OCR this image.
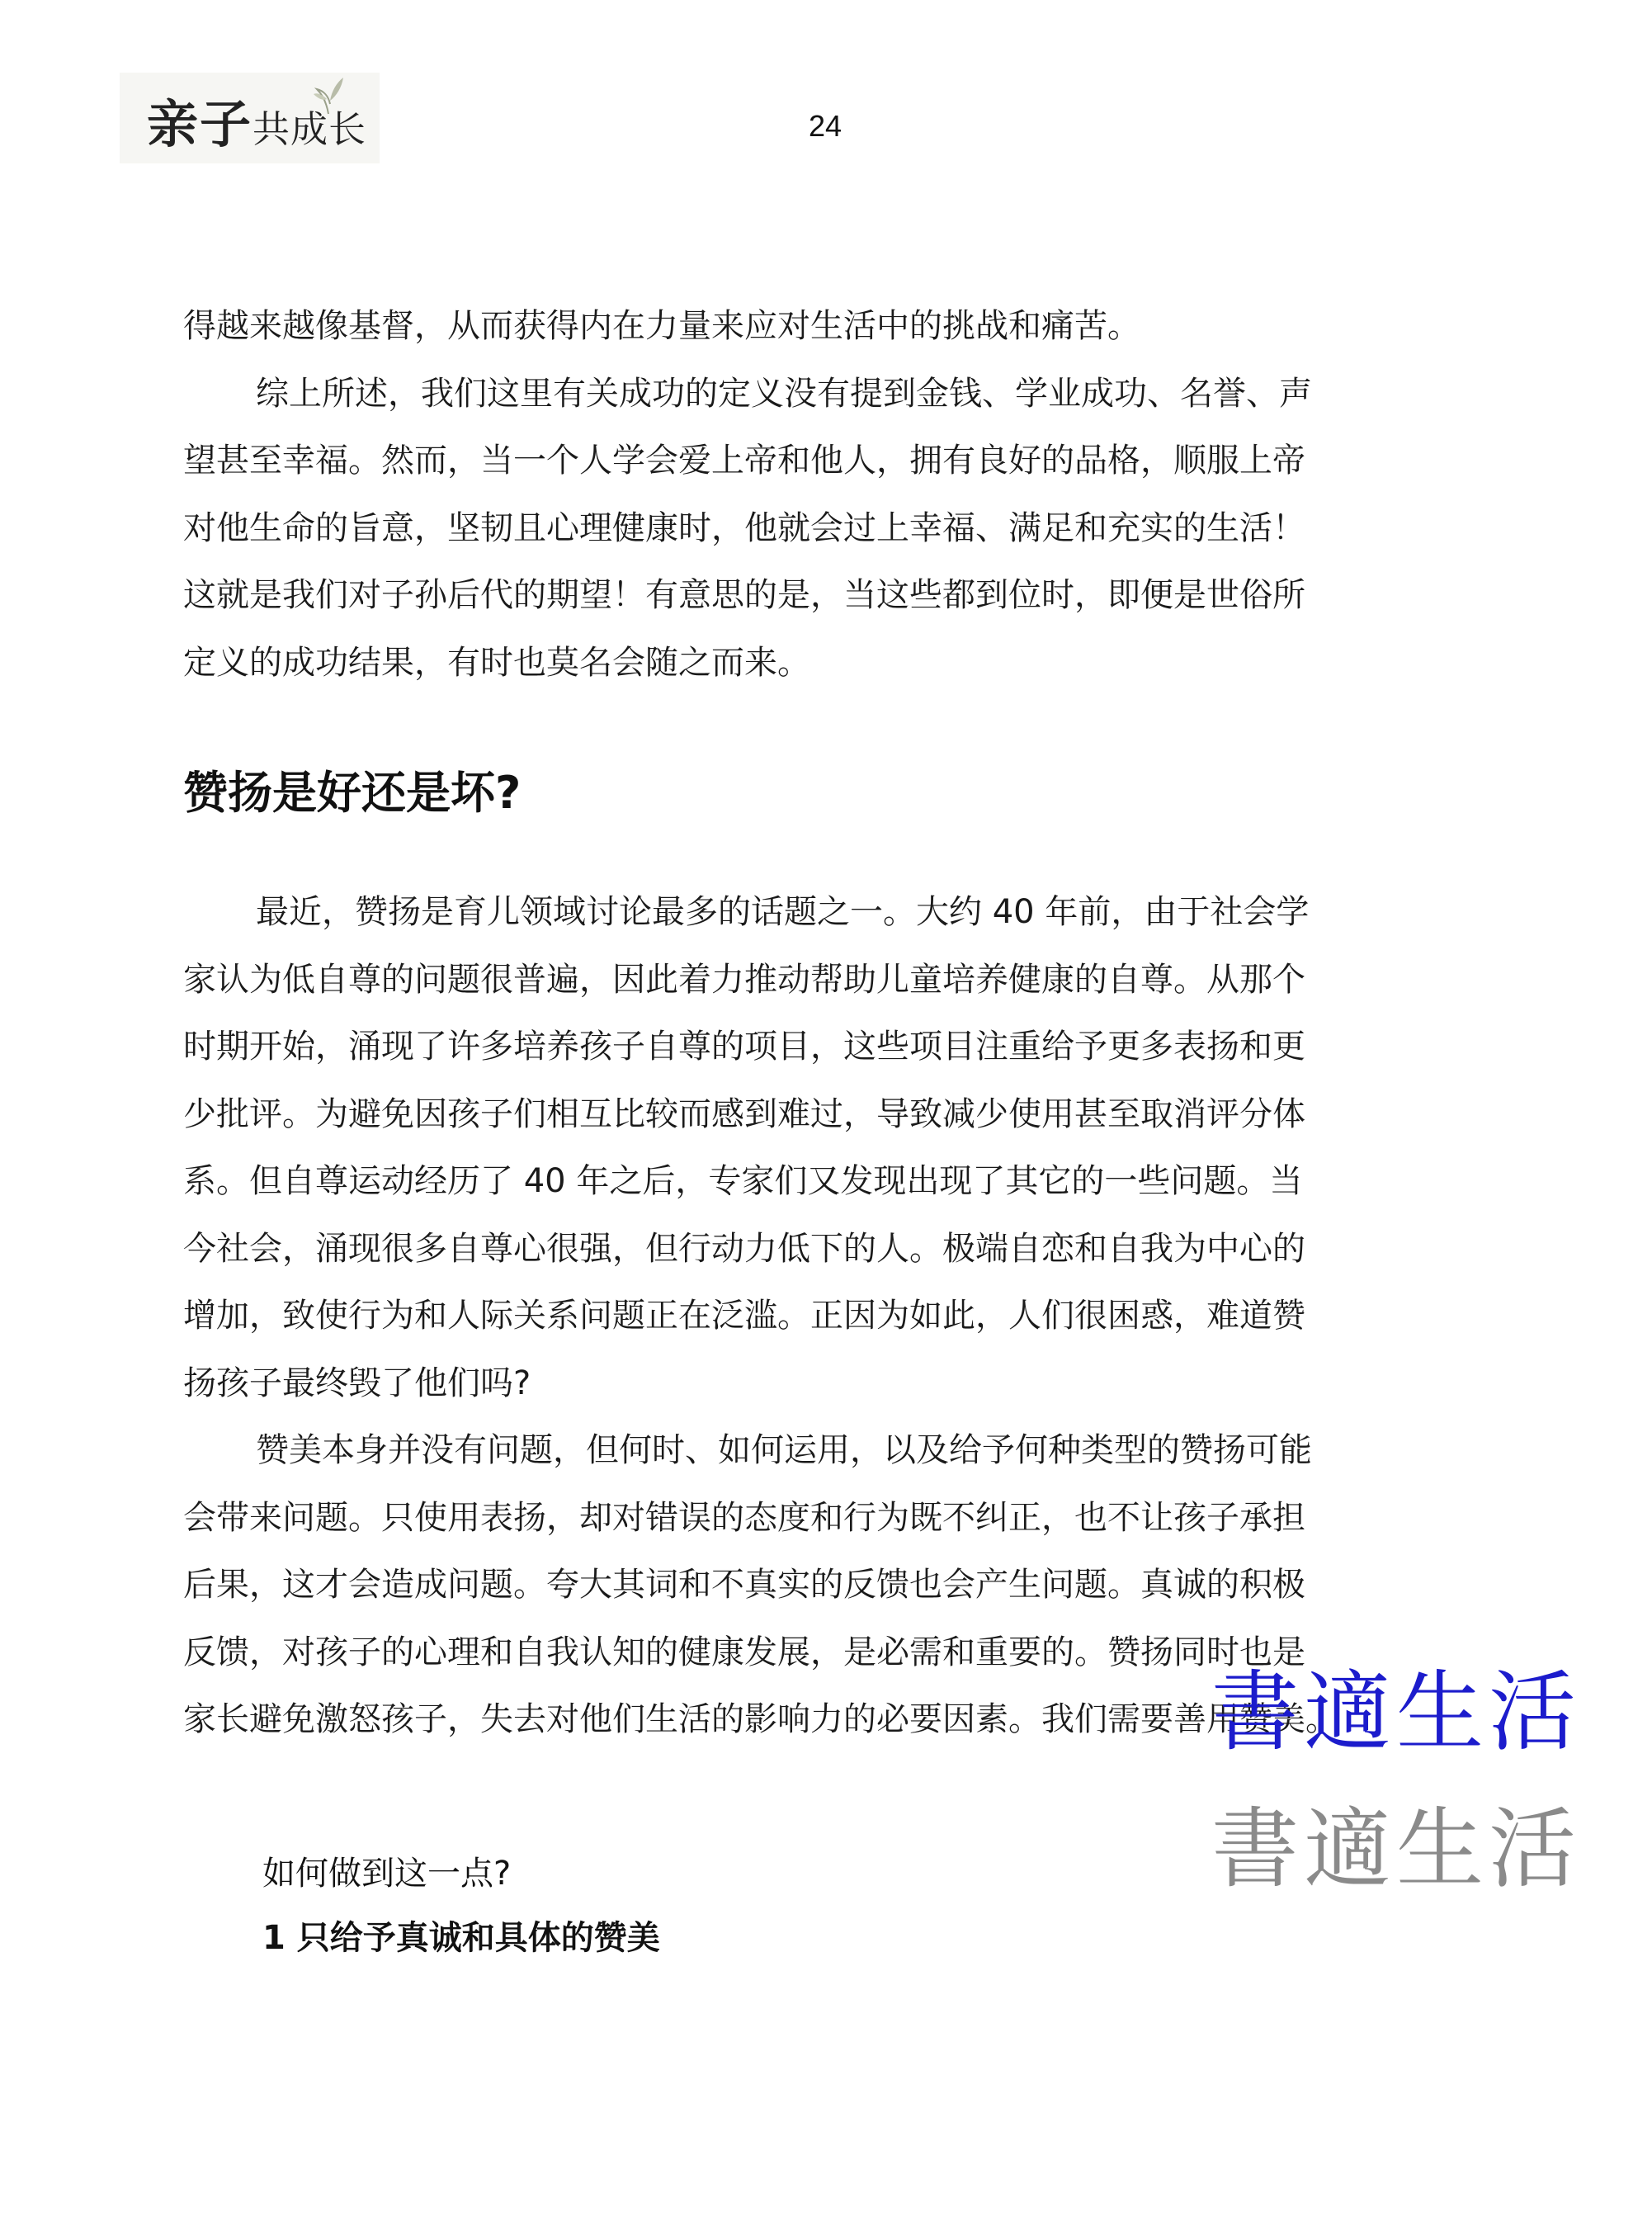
亲子共成长	24

得越来越像基督，从而获得内在力量来应对生活中的挑战和痛苦。

综上所述，我们这里有关成功的定义没有提到金钱、学业成功、名誉、声

望甚至幸福。然而，当一个人学会爱上帝和他人，拥有良好的品格，顺服上帝

对他生命的旨意，坚韧且心理健康时，他就会过上幸福、满足和充实的生活！

这就是我们对子孙后代的期望！有意思的是，当这些都到位时，即便是世俗所

定义的成功结果，有时也莫名会随之而来。

赞扬是好还是坏?

最近，赞扬是育儿领域讨论最多的话题之一。大约 40 年前，由于社会学

家认为低自尊的问题很普遍，因此着力推动帮助儿童培养健康的自尊。从那个

时期开始，涌现了许多培养孩子自尊的项目，这些项目注重给予更多表扬和更

少批评。为避免因孩子们相互比较而感到难过，导致减少使用甚至取消评分体

系。但自尊运动经历了 40 年之后，专家们又发现出现了其它的一些问题。当

今社会，涌现很多自尊心很强，但行动力低下的人。极端自恋和自我为中心的

增加，致使行为和人际关系问题正在泛滥。正因为如此，人们很困惑，难道赞

扬孩子最终毁了他们吗?

赞美本身并没有问题，但何时、如何运用，以及给予何种类型的赞扬可能

会带来问题。只使用表扬，却对错误的态度和行为既不纠正，也不让孩子承担

后果，这才会造成问题。夸大其词和不真实的反馈也会产生问题。真诚的积极

反馈，对孩子的心理和自我认知的健康发展，是必需和重要的。赞扬同时也是

家长避免激怒孩子，失去对他们生活的影响力的必要因素。我们需要善用赞美。

書適生活
書適生活

如何做到这一点?

1 只给予真诚和具体的赞美
